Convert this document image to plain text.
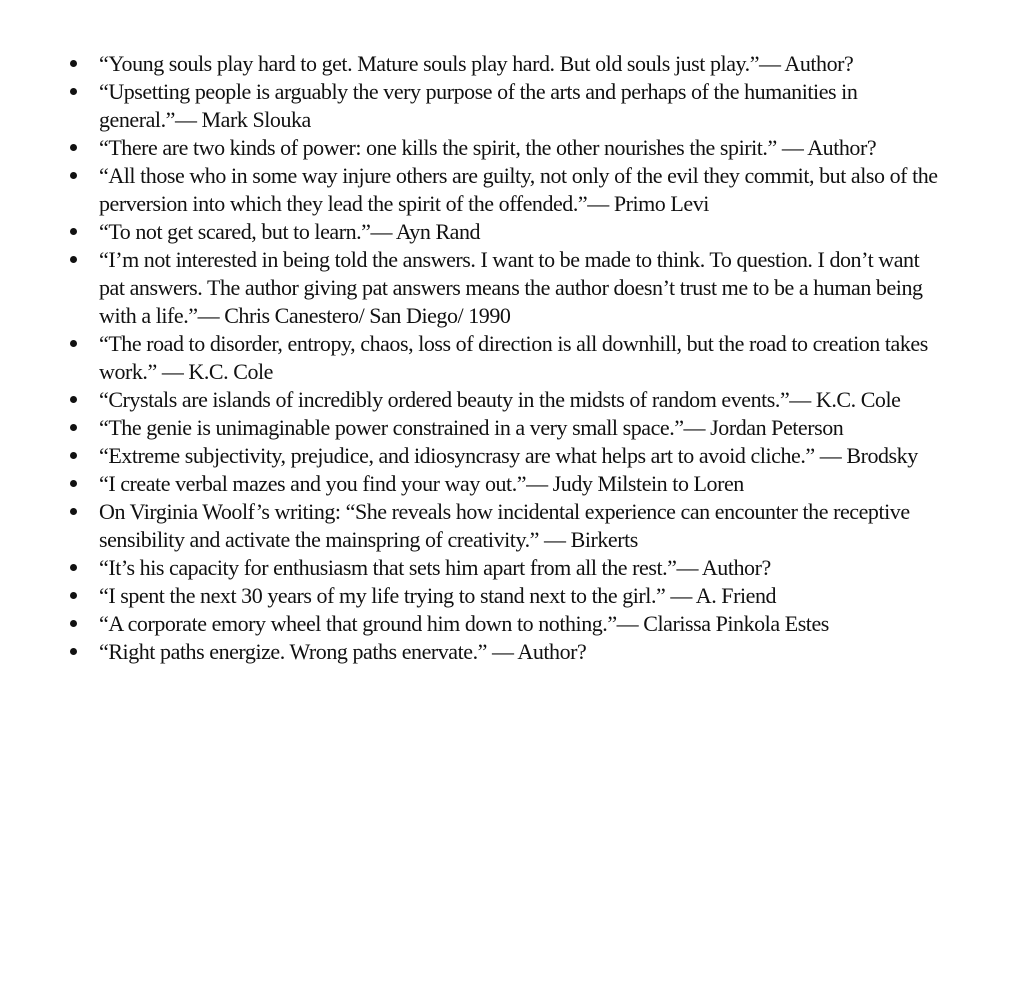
“Young souls play hard to get. Mature souls play hard. But old souls just play.”— Author?
“Upsetting people is arguably the very purpose of the arts and perhaps of the humanities in general.”— Mark Slouka
“There are two kinds of power: one kills the spirit, the other nourishes the spirit.” — Author?
“All those who in some way injure others are guilty, not only of the evil they commit, but also of the perversion into which they lead the spirit of the offended.”— Primo Levi
“To not get scared, but to learn.”— Ayn Rand
“I’m not interested in being told the answers. I want to be made to think. To question. I don’t want pat answers. The author giving pat answers means the author doesn’t trust me to be a human being with a life.”— Chris Canestero/ San Diego/ 1990
“The road to disorder, entropy, chaos, loss of direction is all downhill, but the road to creation takes work.” — K.C. Cole
“Crystals are islands of incredibly ordered beauty in the midsts of random events.”— K.C. Cole
“The genie is unimaginable power constrained in a very small space.”— Jordan Peterson
“Extreme subjectivity, prejudice, and idiosyncrasy are what helps art to avoid cliche.” — Brodsky
“I create verbal mazes and you find your way out.”— Judy Milstein to Loren
On Virginia Woolf’s writing: “She reveals how incidental experience can encounter the receptive sensibility and activate the mainspring of creativity.” — Birkerts
“It’s his capacity for enthusiasm that sets him apart from all the rest.”— Author?
“I spent the next 30 years of my life trying to stand next to the girl.” — A. Friend
“A corporate emory wheel that ground him down to nothing.”— Clarissa Pinkola Estes
“Right paths energize. Wrong paths enervate.” — Author?
